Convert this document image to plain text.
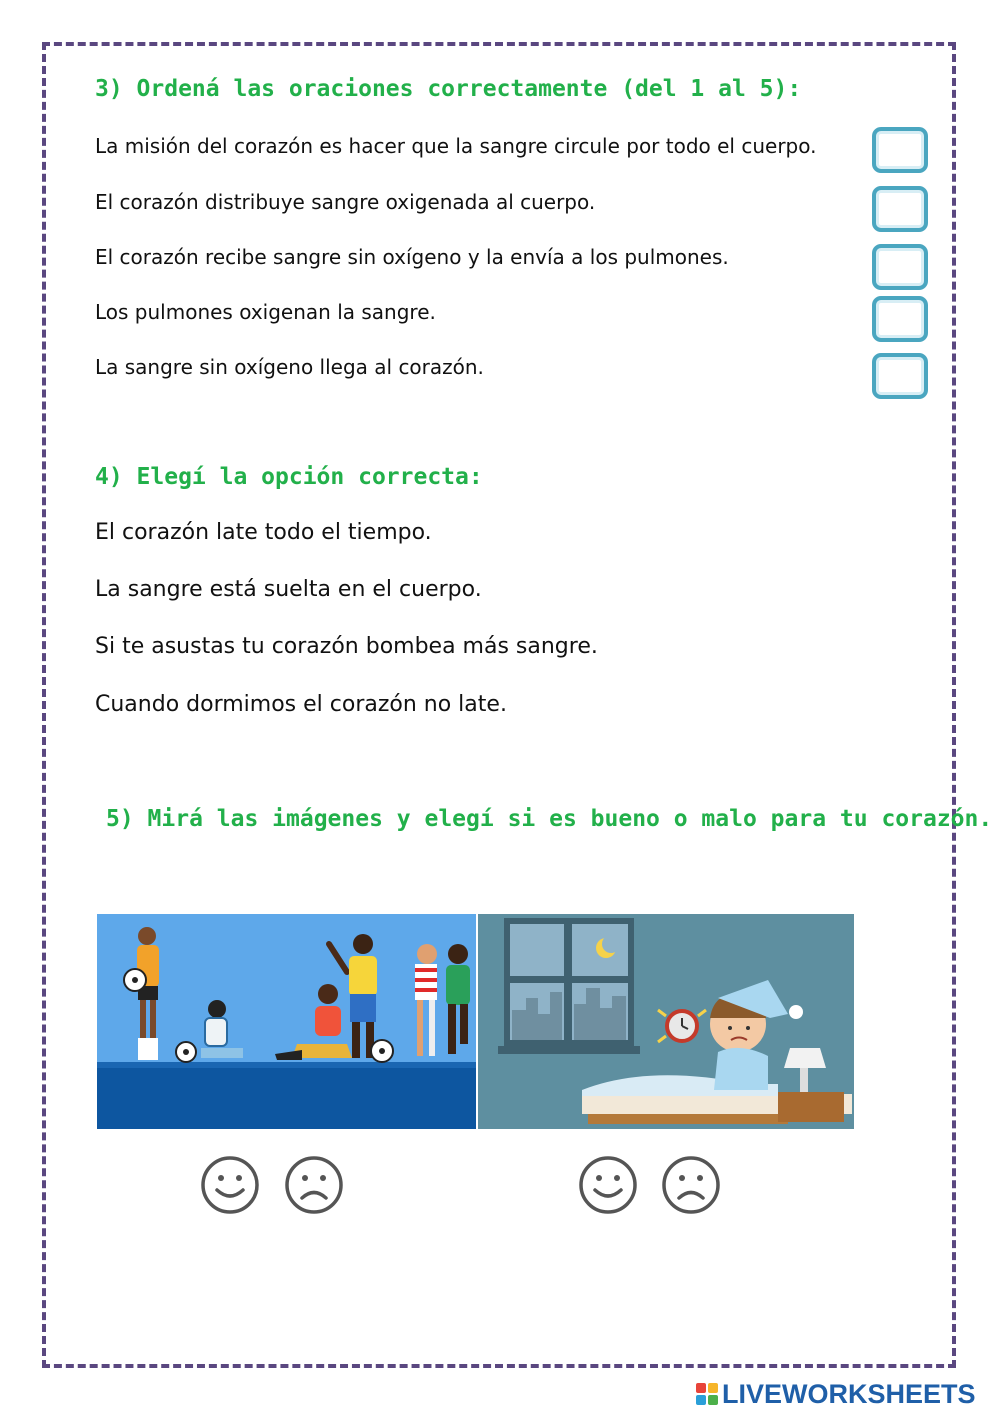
3) Ordená las oraciones correctamente (del 1 al 5):

La misión del corazón es hacer que la sangre circule por todo el cuerpo.

El corazón distribuye sangre oxigenada al cuerpo.

El corazón recibe sangre sin oxígeno y la envía a los pulmones.

Los pulmones oxigenan la sangre.

La sangre sin oxígeno llega al corazón.

4) Elegí la opción correcta:

El corazón late todo el tiempo.

La sangre está suelta en el cuerpo.

Si te asustas tu corazón bombea más sangre.

Cuando dormimos el corazón no late.

5) Mirá las imágenes y elegí si es bueno o malo para tu corazón.

LIVEWORKSHEETS
